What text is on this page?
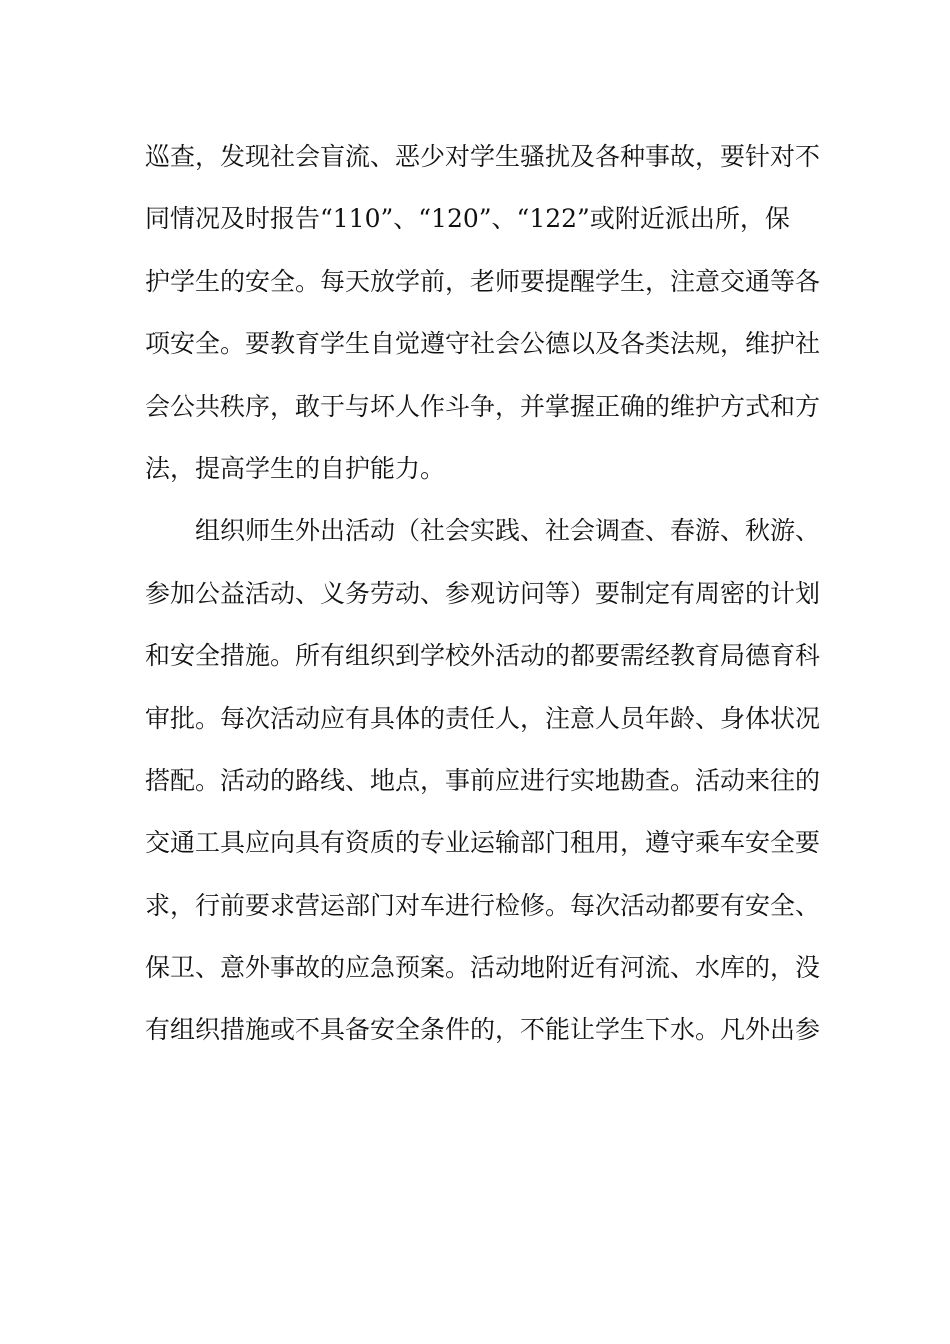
巡查，发现社会盲流、恶少对学生骚扰及各种事故，要针对不
同情况及时报告“110”、“120”、“122”或附近派出所，保
护学生的安全。每天放学前，老师要提醒学生，注意交通等各
项安全。要教育学生自觉遵守社会公德以及各类法规，维护社
会公共秩序，敢于与坏人作斗争，并掌握正确的维护方式和方
法，提高学生的自护能力。
组织师生外出活动（社会实践、社会调查、春游、秋游、
参加公益活动、义务劳动、参观访问等）要制定有周密的计划
和安全措施。所有组织到学校外活动的都要需经教育局德育科
审批。每次活动应有具体的责任人，注意人员年龄、身体状况
搭配。活动的路线、地点，事前应进行实地勘查。活动来往的
交通工具应向具有资质的专业运输部门租用，遵守乘车安全要
求，行前要求营运部门对车进行检修。每次活动都要有安全、
保卫、意外事故的应急预案。活动地附近有河流、水库的，没
有组织措施或不具备安全条件的，不能让学生下水。凡外出参
